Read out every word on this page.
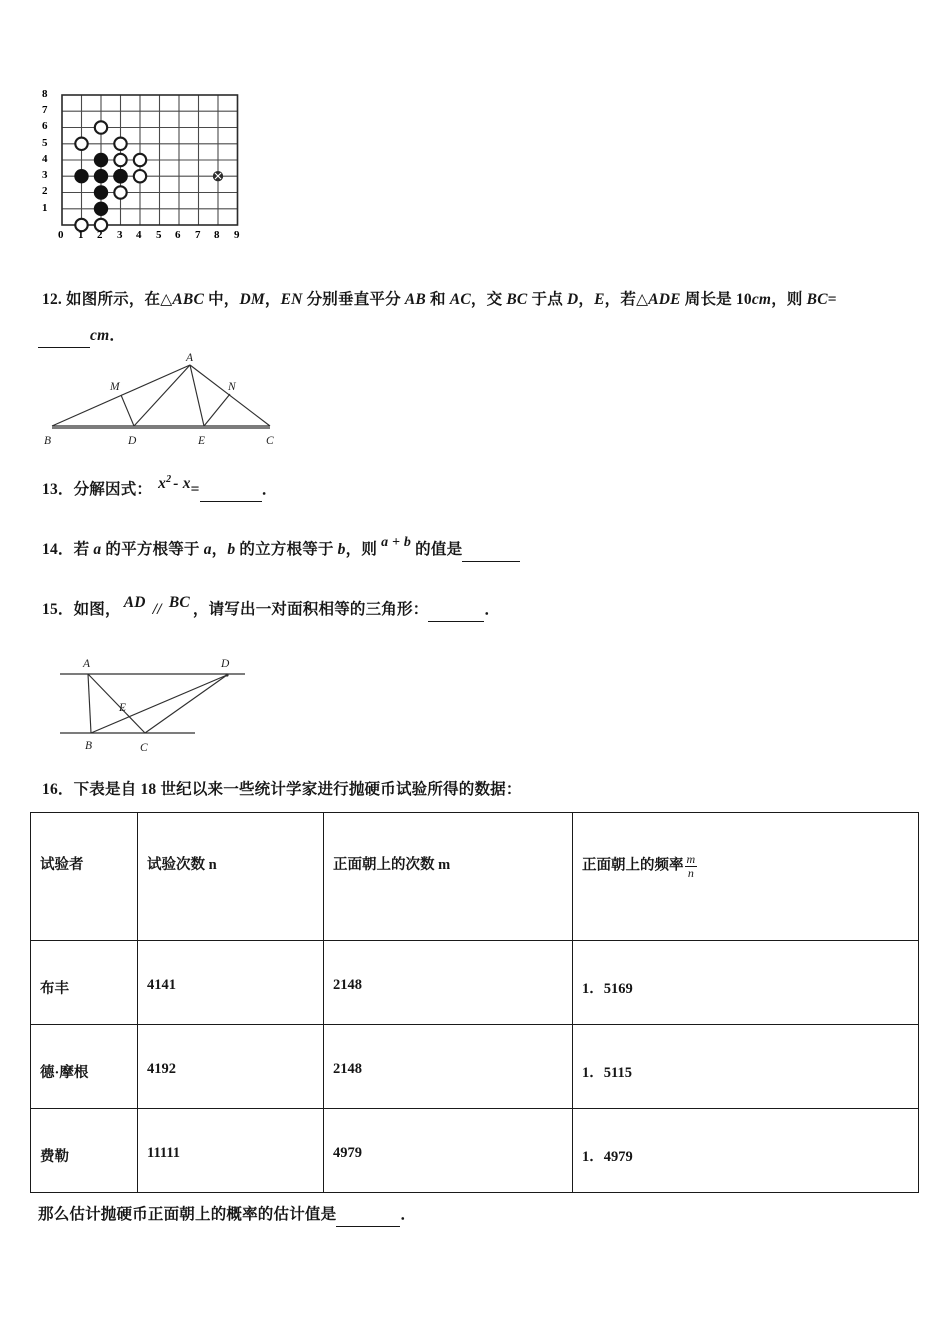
8
7
6
5
4
3
2
1
0 1 2 3 4 5 6 7 8 9
12. 如图所示，在△ABC 中，DM，EN 分别垂直平分 AB 和 AC，交 BC 于点 D，E，若△ADE 周长是 10cm，则 BC=
cm．
A
B	C
D	E
M	N
13．分解因式： $x^2 - x=$	．
14．若 a 的平方根等于 a，b 的立方根等于 b，则 a + b 的值是
15．如图， AD // BC ，请写出一对面积相等的三角形：	．
A	D
B	C
E
16．下表是自 18 世纪以来一些统计学家进行抛硬币试验所得的数据：
试验者	试验次数 n	正面朝上的次数 m	正面朝上的频率 $\frac{m}{n}$

布丰	4141	2148	1．5169
德·摩根	4192	2148	1．5115
费勒	11111	4979	1．4979
那么估计抛硬币正面朝上的概率的估计值是	．
